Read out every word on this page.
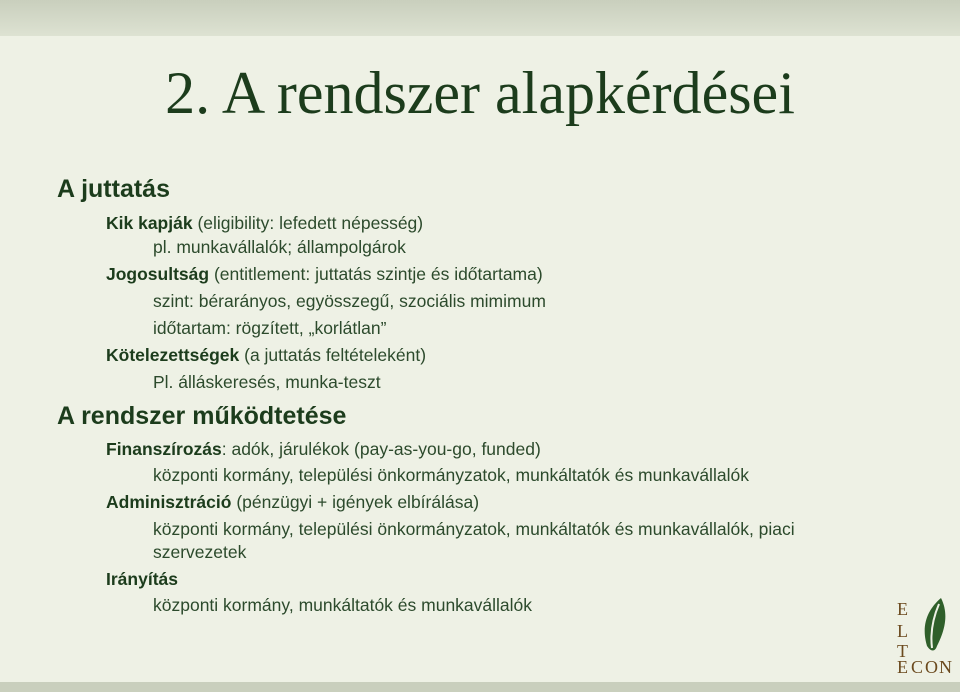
2. A rendszer alapkérdései
A juttatás
Kik kapják (eligibility: lefedett népesség)
pl. munkavállalók; állampolgárok
Jogosultság (entitlement: juttatás szintje és időtartama)
szint: bérarányos, egyösszegű, szociális mimimum
időtartam: rögzített, „korlátlan”
Kötelezettségek (a juttatás feltételeként)
Pl. álláskeresés, munka-teszt
A rendszer működtetése
Finanszírozás: adók, járulékok (pay-as-you-go, funded)
központi kormány, települési önkormányzatok, munkáltatók és munkavállalók
Adminisztráció (pénzügyi + igények elbírálása)
központi kormány, települési önkormányzatok, munkáltatók és munkavállalók, piaci
szervezetek
Irányítás
központi kormány, munkáltatók és munkavállalók	E
L
T
E C O N
